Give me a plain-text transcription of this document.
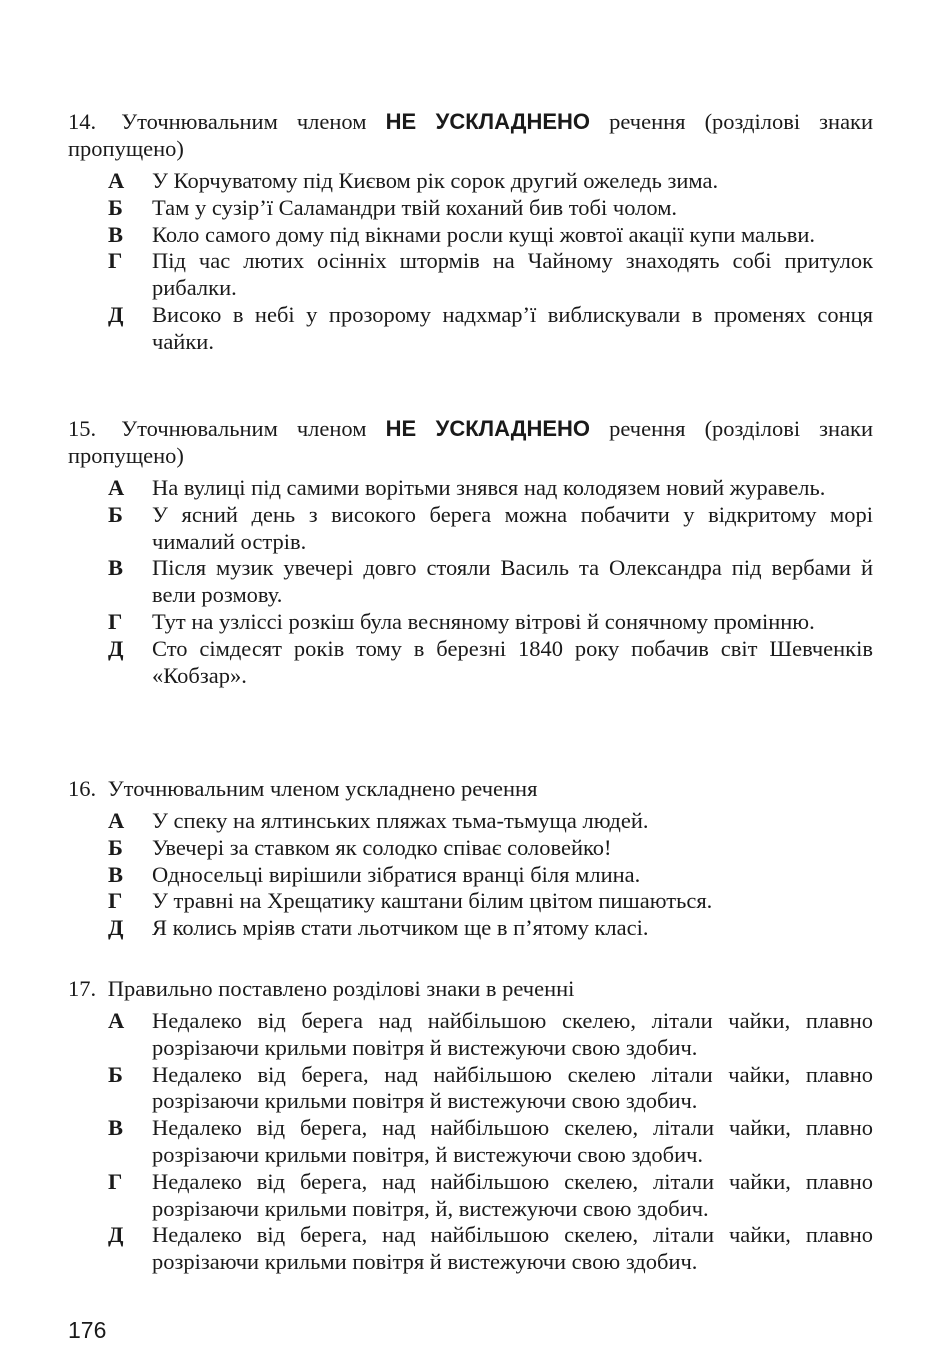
14. Уточнювальним членом НЕ УСКЛАДНЕНО речення (розділові знаки пропущено)
А	У Корчуватому під Києвом рік сорок другий ожеледь зима.
Б	Там у сузір’ї Саламандри твій коханий бив тобі чолом.
В	Коло самого дому під вікнами росли кущі жовтої акації купи мальви.
Г	Під час лютих осінніх штормів на Чайному знаходять собі притулок рибалки.
Д	Високо в небі у прозорому надхмар’ї виблискували в променях сонця чайки.
15. Уточнювальним членом НЕ УСКЛАДНЕНО речення (розділові знаки пропущено)
А	На вулиці під самими ворітьми знявся над колодязем новий журавель.
Б	У ясний день з високого берега можна побачити у відкритому морі чималий острів.
В	Після музик увечері довго стояли Василь та Олександра під вербами й вели розмову.
Г	Тут на узліссі розкіш була весняному вітрові й сонячному промінню.
Д	Сто сімдесят років тому в березні 1840 року побачив світ Шевченків «Кобзар».
16. Уточнювальним членом ускладнено речення
А	У спеку на ялтинських пляжах тьма-тьмуща людей.
Б	Увечері за ставком як солодко співає соловейко!
В	Односельці вирішили зібратися вранці біля млина.
Г	У травні на Хрещатику каштани білим цвітом пишаються.
Д	Я колись мріяв стати льотчиком ще в п’ятому класі.
17. Правильно поставлено розділові знаки в реченні
А	Недалеко від берега над найбільшою скелею, літали чайки, плавно розрізаючи крильми повітря й вистежуючи свою здобич.
Б	Недалеко від берега, над найбільшою скелею літали чайки, плавно розрізаючи крильми повітря й вистежуючи свою здобич.
В	Недалеко від берега, над найбільшою скелею, літали чайки, плавно розрізаючи крильми повітря, й вистежуючи свою здобич.
Г	Недалеко від берега, над найбільшою скелею, літали чайки, плавно розрізаючи крильми повітря, й, вистежуючи свою здобич.
Д	Недалеко від берега, над найбільшою скелею, літали чайки, плавно розрізаючи крильми повітря й вистежуючи свою здобич.
176
